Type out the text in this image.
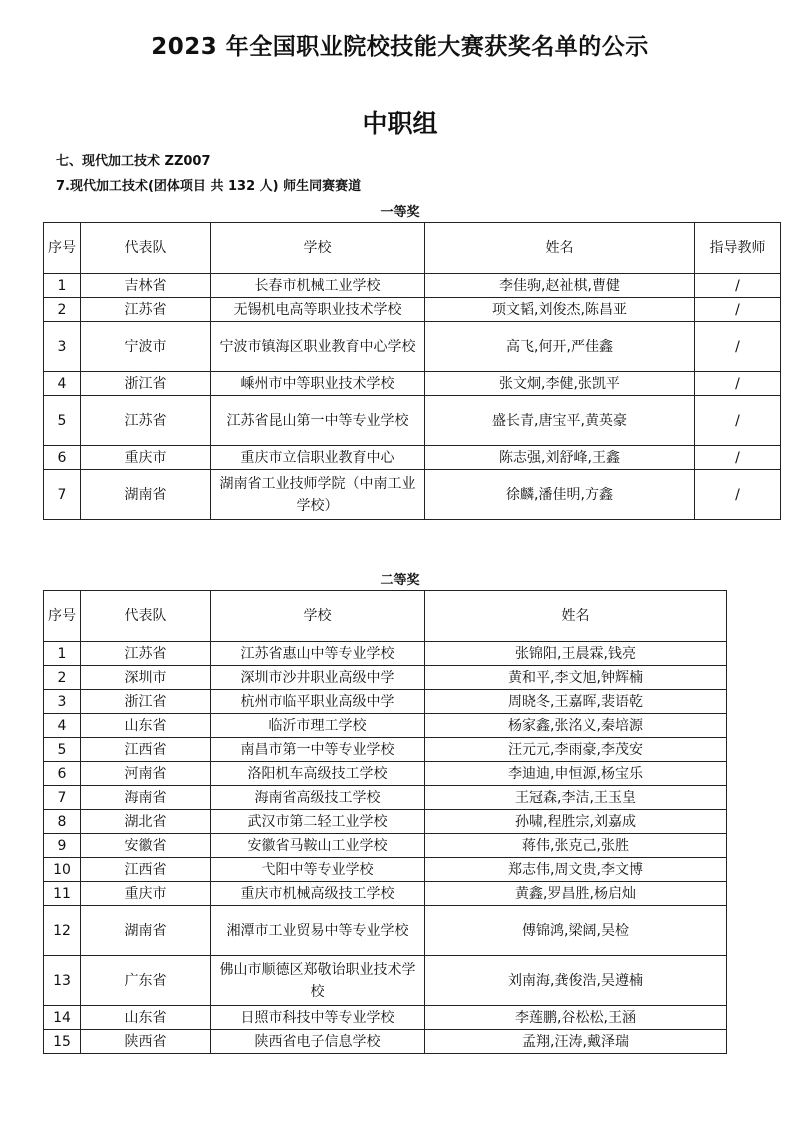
2023 年全国职业院校技能大赛获奖名单的公示
中职组
七、现代加工技术 ZZ007
7.现代加工技术(团体项目 共 132 人) 师生同赛赛道
一等奖
序号	代表队	学校	姓名	指导教师
1	吉林省	长春市机械工业学校	李佳驹,赵祉棋,曹健	/
2	江苏省	无锡机电高等职业技术学校	项文韬,刘俊杰,陈昌亚	/
3	宁波市	宁波市镇海区职业教育中心学校	高飞,何开,严佳鑫	/
4	浙江省	嵊州市中等职业技术学校	张文炯,李健,张凯平	/
5	江苏省	江苏省昆山第一中等专业学校	盛长青,唐宝平,黄英豪	/
6	重庆市	重庆市立信职业教育中心	陈志强,刘舒峰,王鑫	/
7	湖南省	湖南省工业技师学院（中南工业学校）	徐麟,潘佳明,方鑫	/
二等奖
序号	代表队	学校	姓名
1	江苏省	江苏省惠山中等专业学校	张锦阳,王晨霖,钱亮
2	深圳市	深圳市沙井职业高级中学	黄和平,李文旭,钟辉楠
3	浙江省	杭州市临平职业高级中学	周晓冬,王嘉晖,裴语乾
4	山东省	临沂市理工学校	杨家鑫,张洺义,秦培源
5	江西省	南昌市第一中等专业学校	汪元元,李雨豪,李茂安
6	河南省	洛阳机车高级技工学校	李迪迪,申恒源,杨宝乐
7	海南省	海南省高级技工学校	王冠森,李洁,王玉皇
8	湖北省	武汉市第二轻工业学校	孙啸,程胜宗,刘嘉成
9	安徽省	安徽省马鞍山工业学校	蒋伟,张克己,张胜
10	江西省	弋阳中等专业学校	郑志伟,周文贵,李文博
11	重庆市	重庆市机械高级技工学校	黄鑫,罗昌胜,杨启灿
12	湖南省	湘潭市工业贸易中等专业学校	傅锦鸿,梁阔,吴检
13	广东省	佛山市顺德区郑敬诒职业技术学校	刘南海,龚俊浩,吴遵楠
14	山东省	日照市科技中等专业学校	李莲鹏,谷松松,王涵
15	陕西省	陕西省电子信息学校	孟翔,汪涛,戴泽瑞
